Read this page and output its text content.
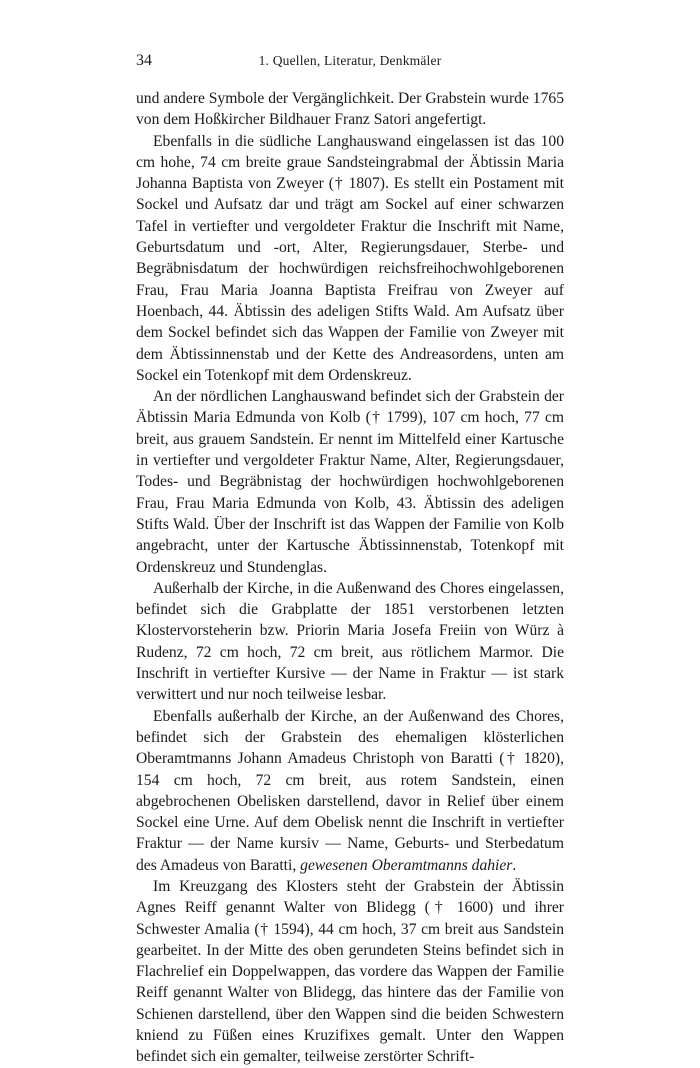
34	1. Quellen, Literatur, Denkmäler

und andere Symbole der Vergänglichkeit. Der Grabstein wurde 1765 von dem Hoßkircher Bildhauer Franz Satori angefertigt.

Ebenfalls in die südliche Langhauswand eingelassen ist das 100 cm hohe, 74 cm breite graue Sandsteingrabmal der Äbtissin Maria Johanna Baptista von Zweyer († 1807). Es stellt ein Postament mit Sockel und Aufsatz dar und trägt am Sockel auf einer schwarzen Tafel in vertiefter und vergoldeter Fraktur die Inschrift mit Name, Geburtsdatum und -ort, Alter, Regierungsdauer, Sterbe- und Begräbnisdatum der hochwürdigen reichsfreihochwohlgeborenen Frau, Frau Maria Joanna Baptista Freifrau von Zweyer auf Hoenbach, 44. Äbtissin des adeligen Stifts Wald. Am Aufsatz über dem Sockel befindet sich das Wappen der Familie von Zweyer mit dem Äbtissinnenstab und der Kette des Andreasordens, unten am Sockel ein Totenkopf mit dem Ordenskreuz.

An der nördlichen Langhauswand befindet sich der Grabstein der Äbtissin Maria Edmunda von Kolb († 1799), 107 cm hoch, 77 cm breit, aus grauem Sandstein. Er nennt im Mittelfeld einer Kartusche in vertiefter und vergoldeter Fraktur Name, Alter, Regierungsdauer, Todes- und Begräbnistag der hochwürdigen hochwohlgeborenen Frau, Frau Maria Edmunda von Kolb, 43. Äbtissin des adeligen Stifts Wald. Über der Inschrift ist das Wappen der Familie von Kolb angebracht, unter der Kartusche Äbtissinnenstab, Totenkopf mit Ordenskreuz und Stundenglas.

Außerhalb der Kirche, in die Außenwand des Chores eingelassen, befindet sich die Grabplatte der 1851 verstorbenen letzten Klostervorsteherin bzw. Priorin Maria Josefa Freiin von Würz à Rudenz, 72 cm hoch, 72 cm breit, aus rötlichem Marmor. Die Inschrift in vertiefter Kursive — der Name in Fraktur — ist stark verwittert und nur noch teilweise lesbar.

Ebenfalls außerhalb der Kirche, an der Außenwand des Chores, befindet sich der Grabstein des ehemaligen klösterlichen Oberamtmanns Johann Amadeus Christoph von Baratti († 1820), 154 cm hoch, 72 cm breit, aus rotem Sandstein, einen abgebrochenen Obelisken darstellend, davor in Relief über einem Sockel eine Urne. Auf dem Obelisk nennt die Inschrift in vertiefter Fraktur — der Name kursiv — Name, Geburts- und Sterbedatum des Amadeus von Baratti, gewesenen Oberamtmanns dahier.

Im Kreuzgang des Klosters steht der Grabstein der Äbtissin Agnes Reiff genannt Walter von Blidegg († 1600) und ihrer Schwester Amalia († 1594), 44 cm hoch, 37 cm breit aus Sandstein gearbeitet. In der Mitte des oben gerundeten Steins befindet sich in Flachrelief ein Doppelwappen, das vordere das Wappen der Familie Reiff genannt Walter von Blidegg, das hintere das der Familie von Schienen darstellend, über den Wappen sind die beiden Schwestern kniend zu Füßen eines Kruzifixes gemalt. Unter den Wappen befindet sich ein gemalter, teilweise zerstörter Schrift-
